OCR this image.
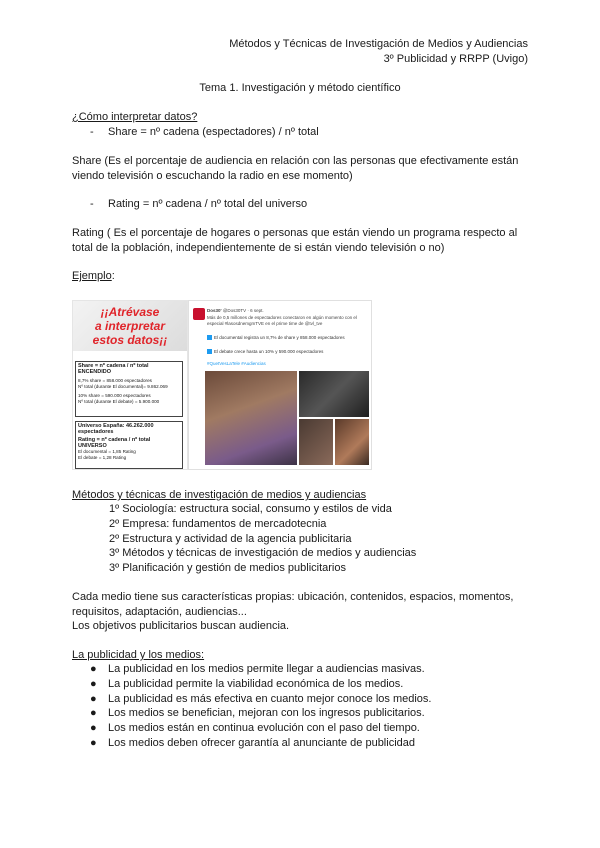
Métodos y Técnicas de Investigación de Medios y Audiencias
3º Publicidad y RRPP (Uvigo)
Tema 1. Investigación y método científico
¿Cómo interpretar datos?
- Share = nº cadena (espectadores) / nº total
Share (Es el porcentaje de audiencia en relación con las personas que efectivamente están
viendo televisión o escuchando la radio en ese momento)
- Rating = nº cadena / nº total del universo
Rating ( Es el porcentaje de hogares o personas que están viendo un programa respecto al
total de la población, independientemente de si están viendo televisión o no)
Ejemplo:
¡¡Atrévase
a interpretar
estos datos¡¡
Share = nº cadena / nº total
ENCENDIDO
8,7% share = 858.000 espectadores
Nº total (durante El documental)= 9.862.069
10% share = 590.000 espectadores
Nº total (durante El debate) = 5.900.000
Universo España: 46.262.000
espectadores
Rating = nº cadena / nº total
UNIVERSO
El documental = 1,85 Rating
El debate = 1,28 Rating
Dos30' @Dos30TV · 6 sept.
Más de 0,5 millones de espectadores conectaron en algún momento con el
especial #lasosdnemgmTVE en el prime time de @tvl_tve
El documental registra un 8,7% de share y 858.000 espectadores
El debate crece hasta un 10% y 590.000 espectadores
#QuetVesLaTele #Audiencias
Métodos y técnicas de investigación de medios y audiencias
1º Sociología: estructura social, consumo y estilos de vida
2º Empresa: fundamentos de mercadotecnia
2º Estructura y actividad de la agencia publicitaria
3º Métodos y técnicas de investigación de medios y audiencias
3º Planificación y gestión de medios publicitarios
Cada medio tiene sus características propias: ubicación, contenidos, espacios, momentos,
requisitos, adaptación, audiencias...
Los objetivos publicitarios buscan audiencia.
La publicidad y los medios:
● La publicidad en los medios permite llegar a audiencias masivas.
● La publicidad permite la viabilidad económica de los medios.
● La publicidad es más efectiva en cuanto mejor conoce los medios.
● Los medios se benefician, mejoran con los ingresos publicitarios.
● Los medios están en continua evolución con el paso del tiempo.
● Los medios deben ofrecer garantía al anunciante de publicidad
